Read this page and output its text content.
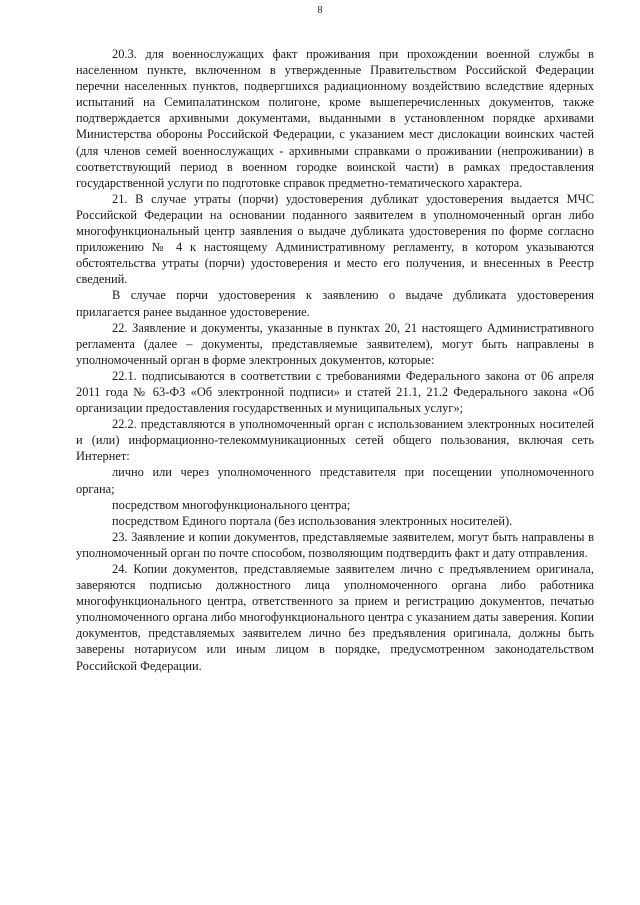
8

20.3. для военнослужащих факт проживания при прохождении военной службы в населенном пункте, включенном в утвержденные Правительством Российской Федерации перечни населенных пунктов, подвергшихся радиационному воздействию вследствие ядерных испытаний на Семипалатинском полигоне, кроме вышеперечисленных документов, также подтверждается архивными документами, выданными в установленном порядке архивами Министерства обороны Российской Федерации, с указанием мест дислокации воинских частей (для членов семей военнослужащих - архивными справками о проживании (непроживании) в соответствующий период в военном городке воинской части) в рамках предоставления государственной услуги по подготовке справок предметно-тематического характера.

21. В случае утраты (порчи) удостоверения дубликат удостоверения выдается МЧС Российской Федерации на основании поданного заявителем в уполномоченный орган либо многофункциональный центр заявления о выдаче дубликата удостоверения по форме согласно приложению № 4 к настоящему Административному регламенту, в котором указываются обстоятельства утраты (порчи) удостоверения и место его получения, и внесенных в Реестр сведений.

В случае порчи удостоверения к заявлению о выдаче дубликата удостоверения прилагается ранее выданное удостоверение.

22. Заявление и документы, указанные в пунктах 20, 21 настоящего Административного регламента (далее – документы, представляемые заявителем), могут быть направлены в уполномоченный орган в форме электронных документов, которые:

22.1. подписываются в соответствии с требованиями Федерального закона от 06 апреля 2011 года № 63-ФЗ «Об электронной подписи» и статей 21.1, 21.2 Федерального закона «Об организации предоставления государственных и муниципальных услуг»;

22.2. представляются в уполномоченный орган с использованием электронных носителей и (или) информационно-телекоммуникационных сетей общего пользования, включая сеть Интернет:

лично или через уполномоченного представителя при посещении уполномоченного органа;

посредством многофункционального центра;

посредством Единого портала (без использования электронных носителей).

23. Заявление и копии документов, представляемые заявителем, могут быть направлены в уполномоченный орган по почте способом, позволяющим подтвердить факт и дату отправления.

24. Копии документов, представляемые заявителем лично с предъявлением оригинала, заверяются подписью должностного лица уполномоченного органа либо работника многофункционального центра, ответственного за прием и регистрацию документов, печатью уполномоченного органа либо многофункционального центра с указанием даты заверения. Копии документов, представляемых заявителем лично без предъявления оригинала, должны быть заверены нотариусом или иным лицом в порядке, предусмотренном законодательством Российской Федерации.
